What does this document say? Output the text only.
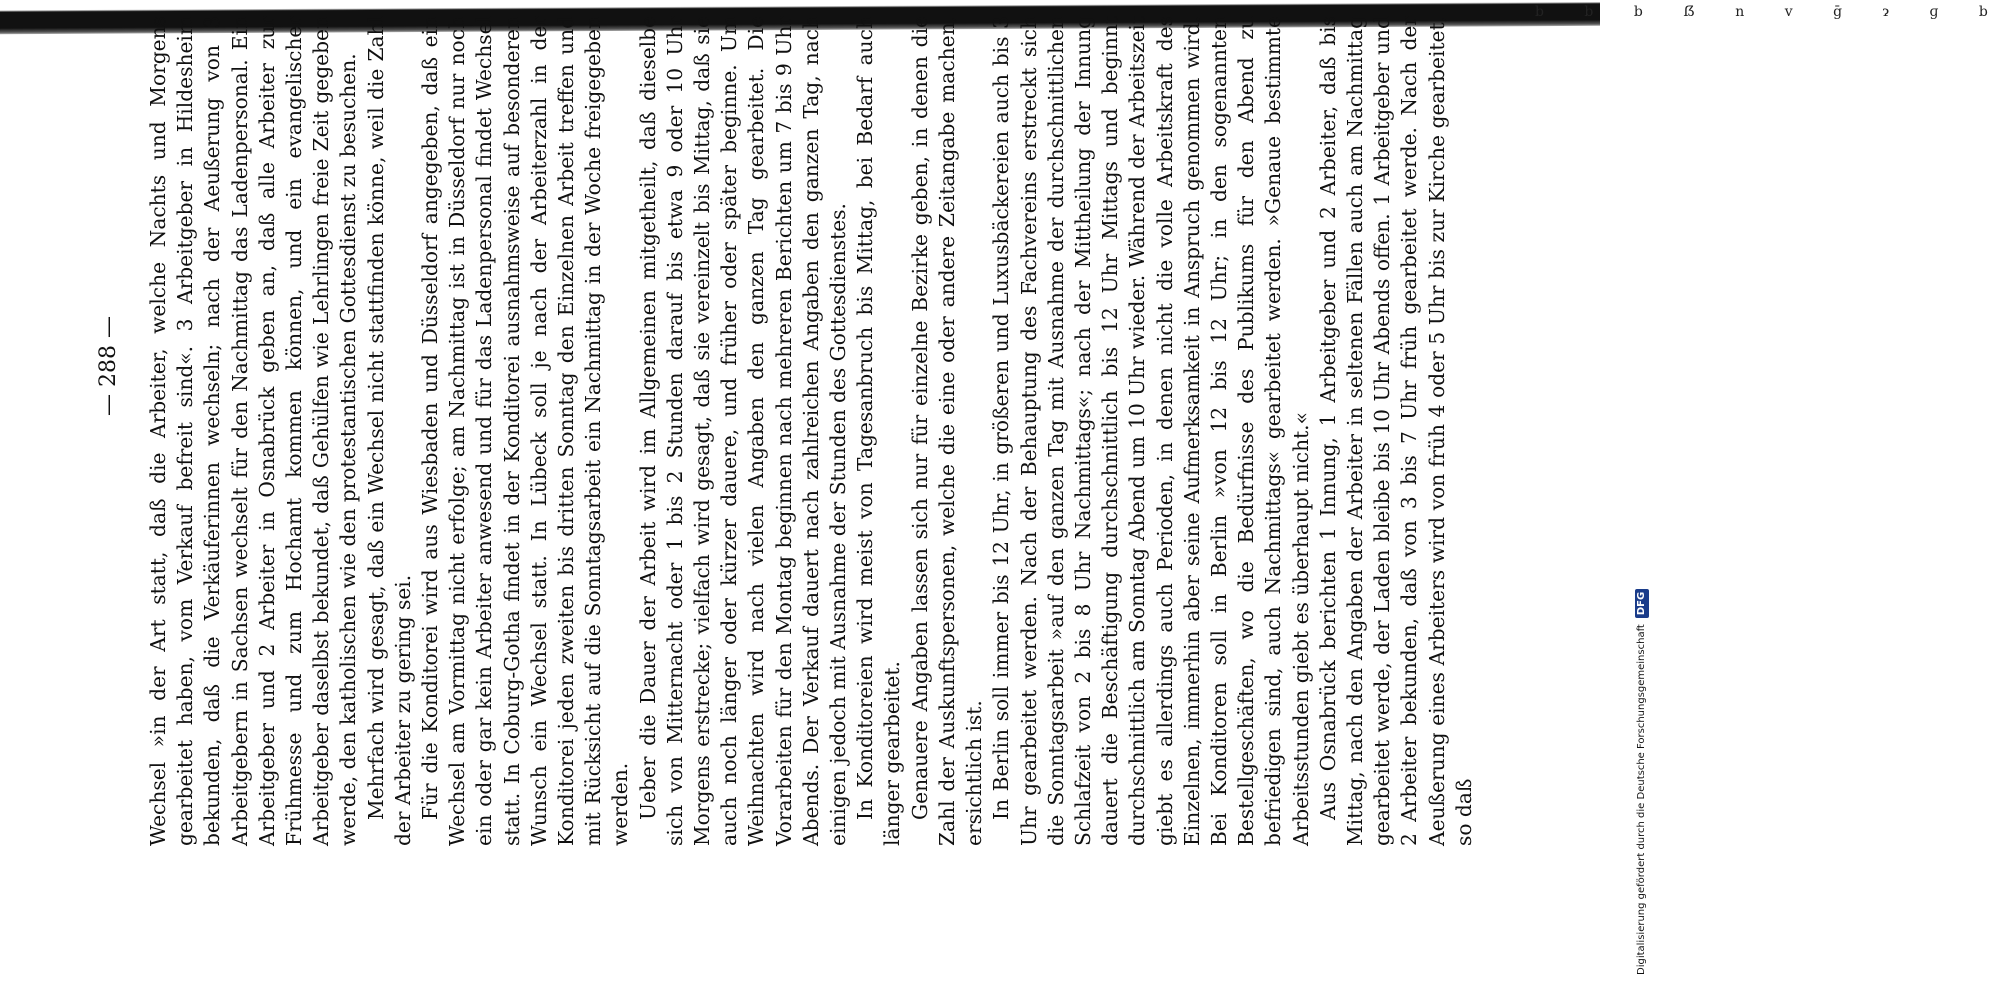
b b b ẞ n v ḡ ɂ ɡ b
— 288 —	Wechsel »in der Art statt, daß die Arbeiter, welche Nachts und Morgens gearbeitet haben, vom Verkauf befreit sind«. 3 Arbeitgeber in Hildesheim bekunden, daß die Verkäuferinnen wechseln; nach der Aeußerung von 3 Arbeitgebern in Sachsen wechselt für den Nachmittag das Ladenpersonal. Ein Arbeitgeber und 2 Arbeiter in Osnabrück geben an, daß alle Arbeiter zur Frühmesse und zum Hochamt kommen können, und ein evangelischer Arbeitgeber daselbst bekundet, daß Gehülfen wie Lehrlingen freie Zeit gegeben werde, den katholischen wie den protestantischen Gottesdienst zu besuchen. Mehrfach wird gesagt, daß ein Wechsel nicht stattfinden könne, weil die Zahl der Arbeiter zu gering sei. Für die Konditorei wird aus Wiesbaden und Düsseldorf angegeben, daß ein Wechsel am Vormittag nicht erfolge; am Nachmittag ist in Düsseldorf nur noch ein oder gar kein Arbeiter anwesend und für das Ladenpersonal findet Wechsel statt. In Coburg-Gotha findet in der Konditorei ausnahmsweise auf besonderen Wunsch ein Wechsel statt. In Lübeck soll je nach der Arbeiterzahl in der Konditorei jeden zweiten bis dritten Sonntag den Einzelnen Arbeit treffen und mit Rücksicht auf die Sonntagsarbeit ein Nachmittag in der Woche freigegeben werden. Ueber die Dauer der Arbeit wird im Allgemeinen mitgetheilt, daß dieselbe sich von Mitternacht oder 1 bis 2 Stunden darauf bis etwa 9 oder 10 Uhr Morgens erstrecke; vielfach wird gesagt, daß sie vereinzelt bis Mittag, daß sie auch noch länger oder kürzer dauere, und früher oder später beginne. Um Weihnachten wird nach vielen Angaben den ganzen Tag gearbeitet. Die Vorarbeiten für den Montag beginnen nach mehreren Berichten um 7 bis 9 Uhr Abends. Der Verkauf dauert nach zahlreichen Angaben den ganzen Tag, nach einigen jedoch mit Ausnahme der Stunden des Gottesdienstes. In Konditoreien wird meist von Tagesanbruch bis Mittag, bei Bedarf auch länger gearbeitet. Genauere Angaben lassen sich nur für einzelne Bezirke geben, in denen die Zahl der Auskunftspersonen, welche die eine oder andere Zeitangabe machen, ersichtlich ist. In Berlin soll immer bis 12 Uhr, in größeren und Luxusbäckereien auch bis 3 Uhr gearbeitet werden. Nach der Behauptung des Fachvereins erstreckt sich die Sonntagsarbeit »auf den ganzen Tag mit Ausnahme der durchschnittlichen Schlafzeit von 2 bis 8 Uhr Nachmittags«; nach der Mittheilung der Innung dauert die Beschäftigung durchschnittlich bis 12 Uhr Mittags und beginnt durchschnittlich am Sonntag Abend um 10 Uhr wieder. Während der Arbeitszeit giebt es allerdings auch Perioden, in denen nicht die volle Arbeitskraft des Einzelnen, immerhin aber seine Aufmerksamkeit in Anspruch genommen wird. Bei Konditoren soll in Berlin »von 12 bis 12 Uhr; in den sogenannten Bestellgeschäften, wo die Bedürfnisse des Publikums für den Abend zu befriedigen sind, auch Nachmittags« gearbeitet werden. »Genaue bestimmte Arbeitsstunden giebt es überhaupt nicht.« Aus Osnabrück berichten 1 Innung, 1 Arbeitgeber und 2 Arbeiter, daß bis Mittag, nach den Angaben der Arbeiter in seltenen Fällen auch am Nachmittag gearbeitet werde, der Laden bleibe bis 10 Uhr Abends offen. 1 Arbeitgeber und 2 Arbeiter bekunden, daß von 3 bis 7 Uhr früh gearbeitet werde. Nach der Aeußerung eines Arbeiters wird von früh 4 oder 5 Uhr bis zur Kirche gearbeitet, so daß	Digitalisierung gefördert durch die Deutsche Forschungsgemeinschaft
DFG
